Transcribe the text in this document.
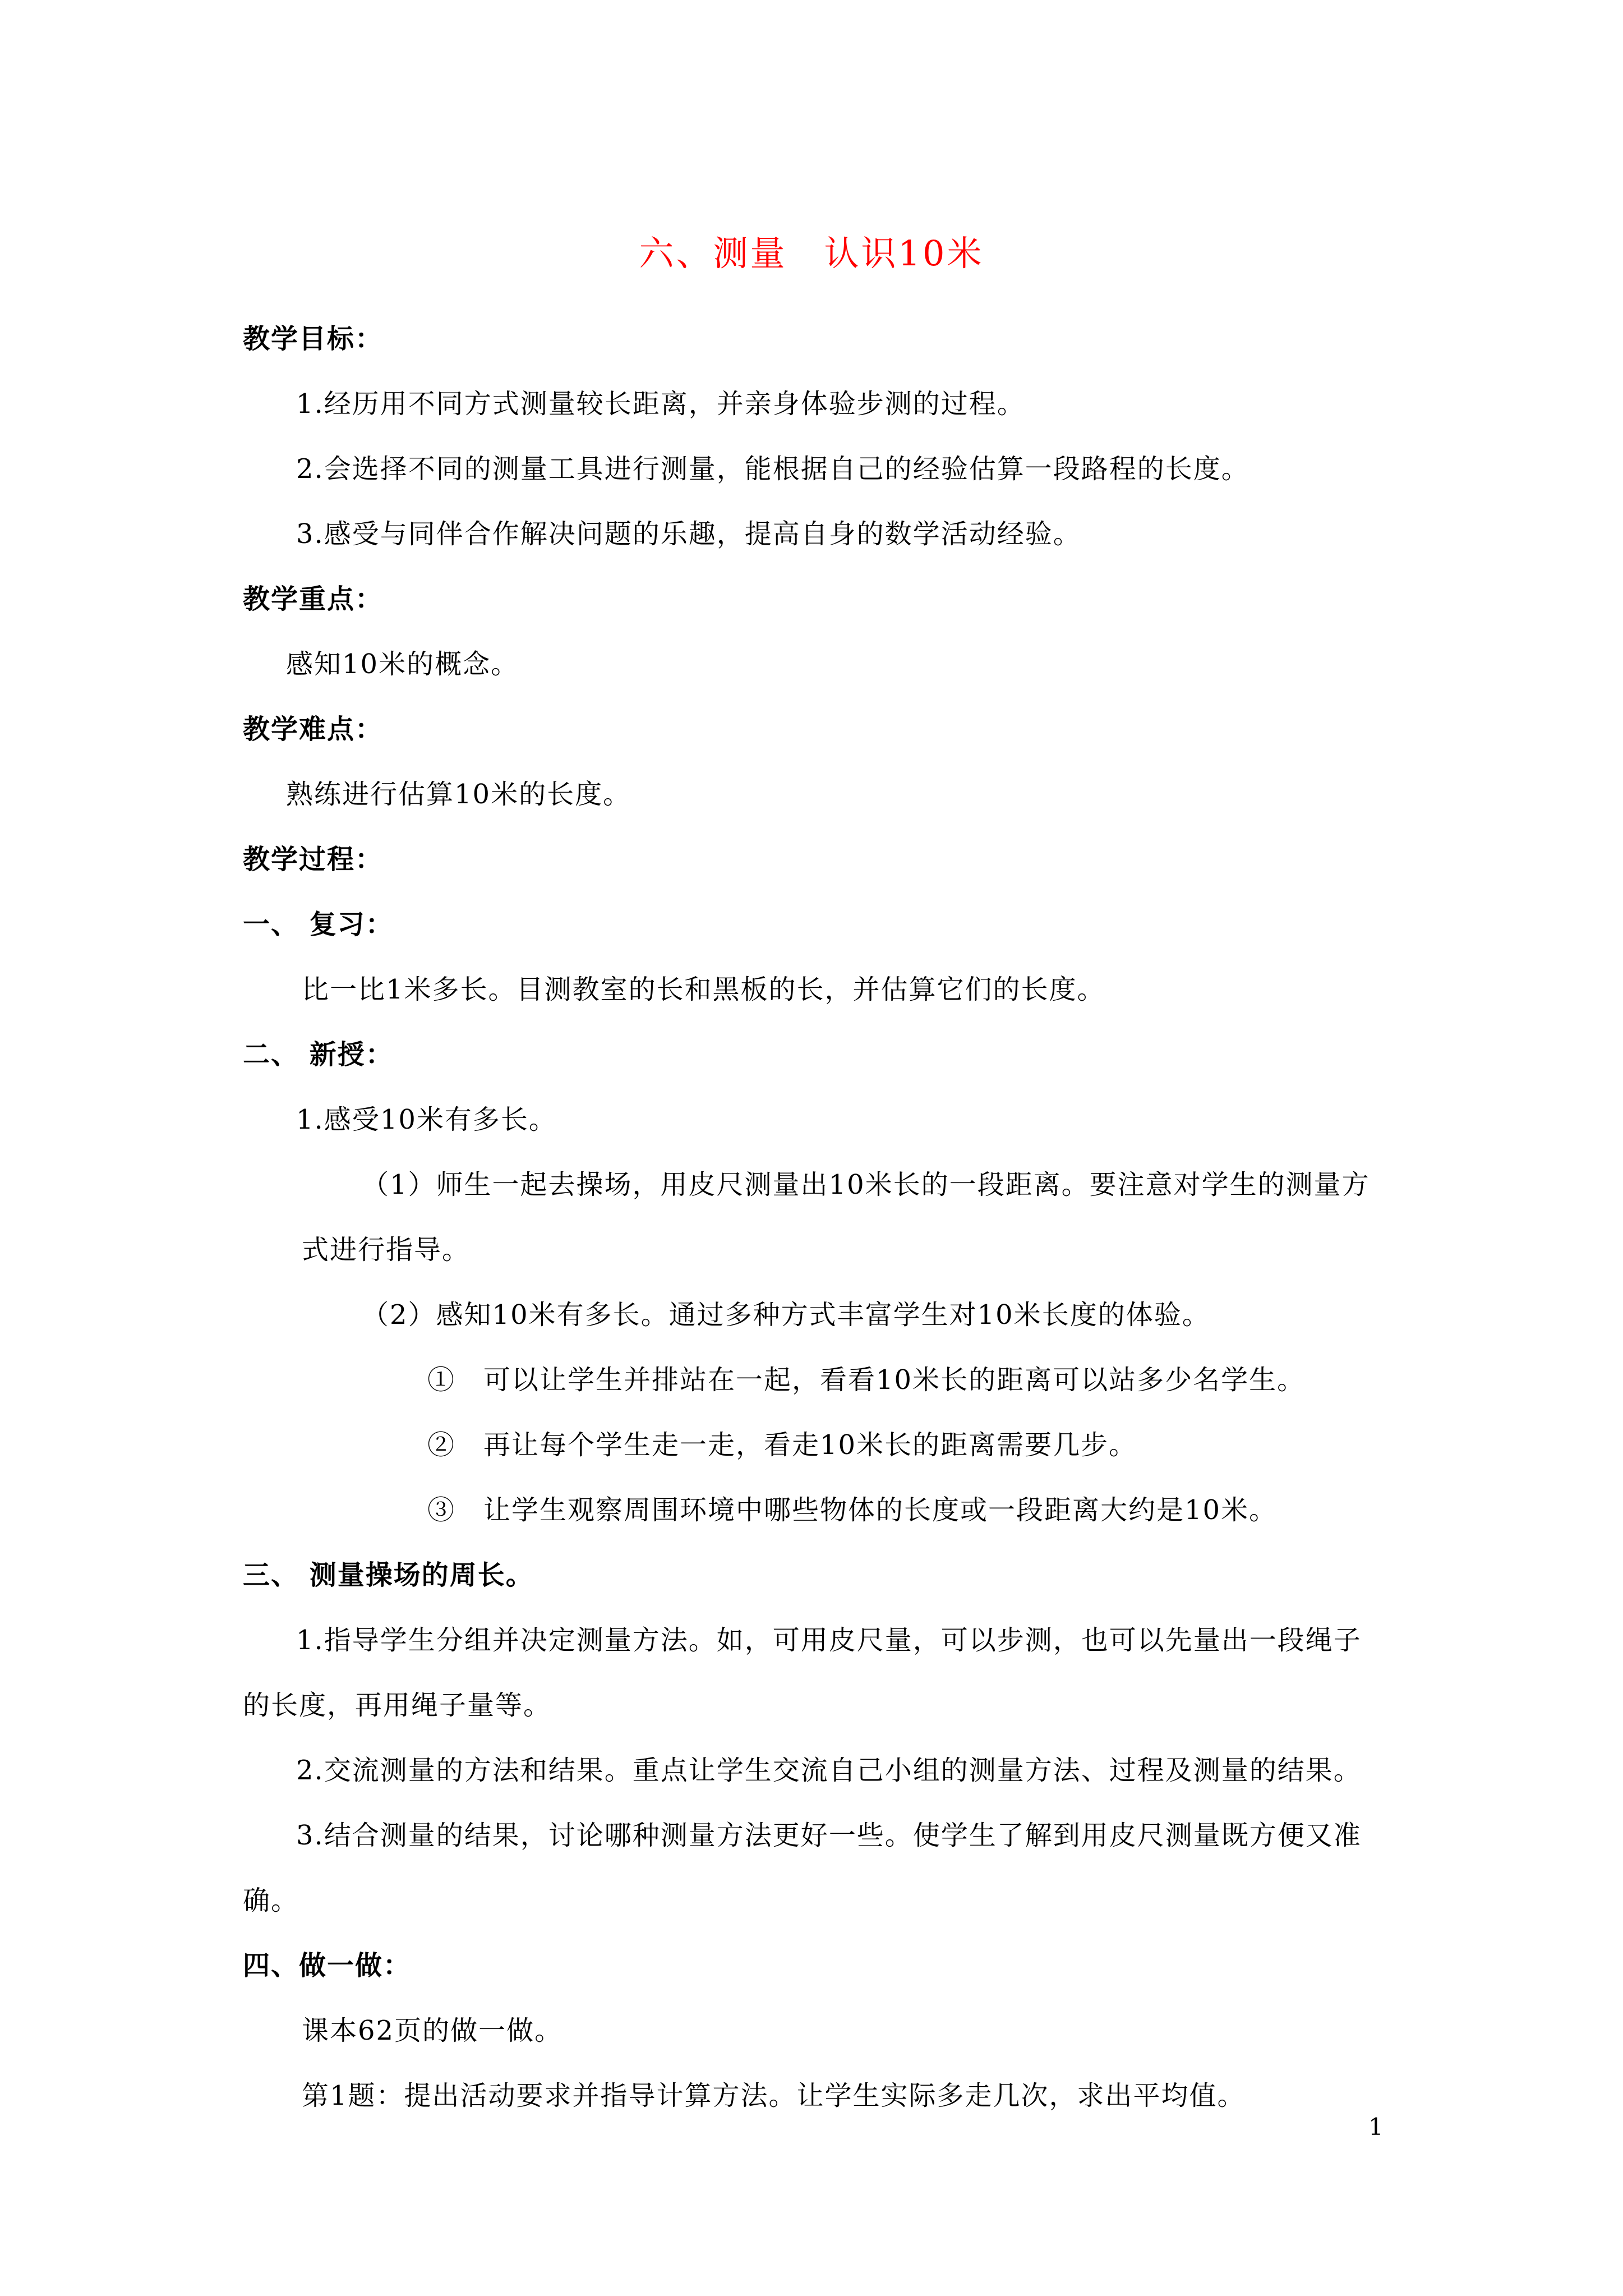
六、测量　认识10米
教学目标：
1.经历用不同方式测量较长距离，并亲身体验步测的过程。
2.会选择不同的测量工具进行测量，能根据自己的经验估算一段路程的长度。
3.感受与同伴合作解决问题的乐趣，提高自身的数学活动经验。
教学重点：
感知10米的概念。
教学难点：
熟练进行估算10米的长度。
教学过程：
一、 复习：
比一比1米多长。目测教室的长和黑板的长，并估算它们的长度。
二、 新授：
1.感受10米有多长。
（1）师生一起去操场，用皮尺测量出10米长的一段距离。要注意对学生的测量方
式进行指导。
（2）感知10米有多长。通过多种方式丰富学生对10米长度的体验。
①　可以让学生并排站在一起，看看10米长的距离可以站多少名学生。
②　再让每个学生走一走，看走10米长的距离需要几步。
③　让学生观察周围环境中哪些物体的长度或一段距离大约是10米。
三、 测量操场的周长。
1.指导学生分组并决定测量方法。如，可用皮尺量，可以步测，也可以先量出一段绳子
的长度，再用绳子量等。
2.交流测量的方法和结果。重点让学生交流自己小组的测量方法、过程及测量的结果。
3.结合测量的结果，讨论哪种测量方法更好一些。使学生了解到用皮尺测量既方便又准
确。
四、做一做：
课本62页的做一做。
第1题：提出活动要求并指导计算方法。让学生实际多走几次，求出平均值。
1
